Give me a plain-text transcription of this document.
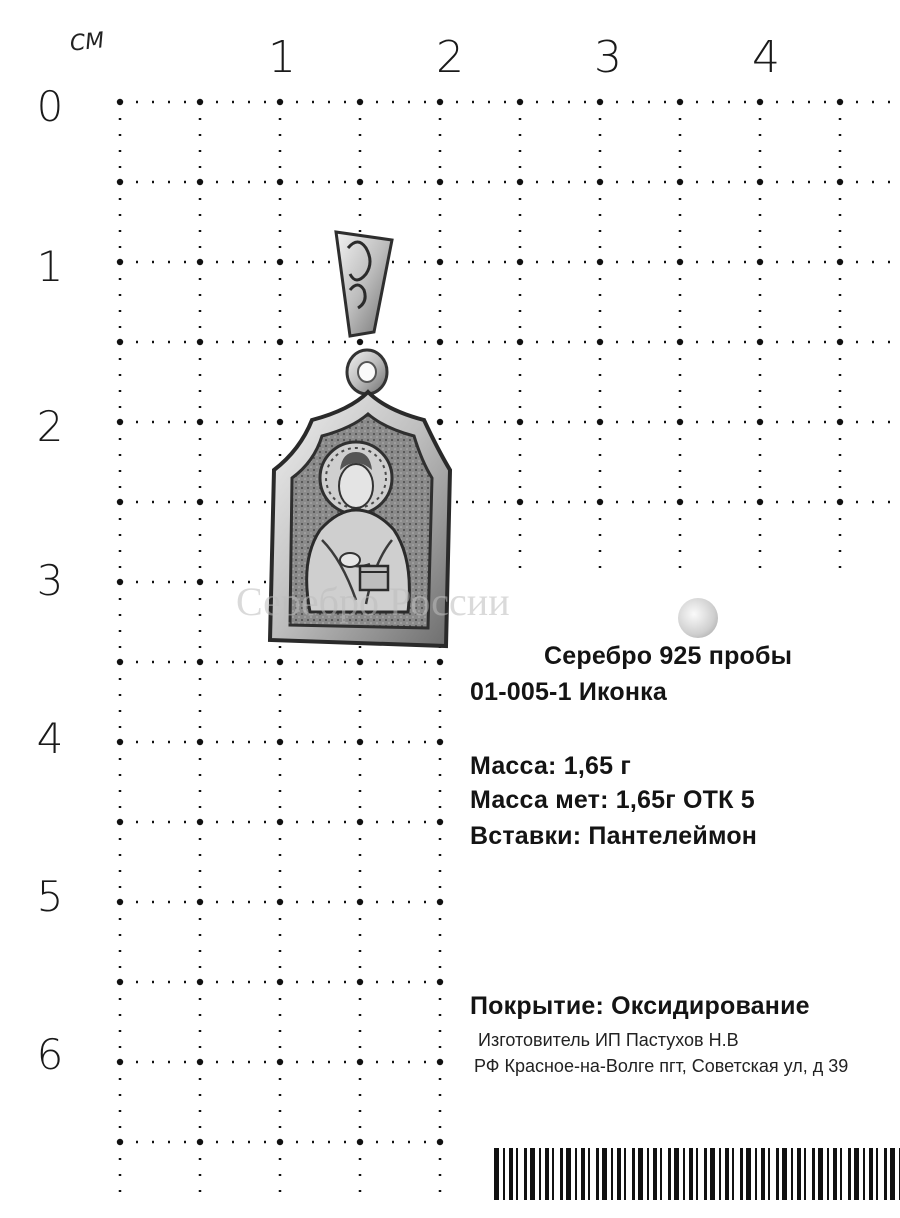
СМ	1	2	3	4
0
1
2
3
4
5
6
Серебро России
Серебро 925 пробы
01-005-1 Иконка
Масса: 1,65 г
Масса мет: 1,65г ОТК 5
Вставки: Пантелеймон
Покрытие: Оксидирование
Изготовитель ИП Пастухов Н.В
РФ Красное-на-Волге пгт, Советская ул, д 39
